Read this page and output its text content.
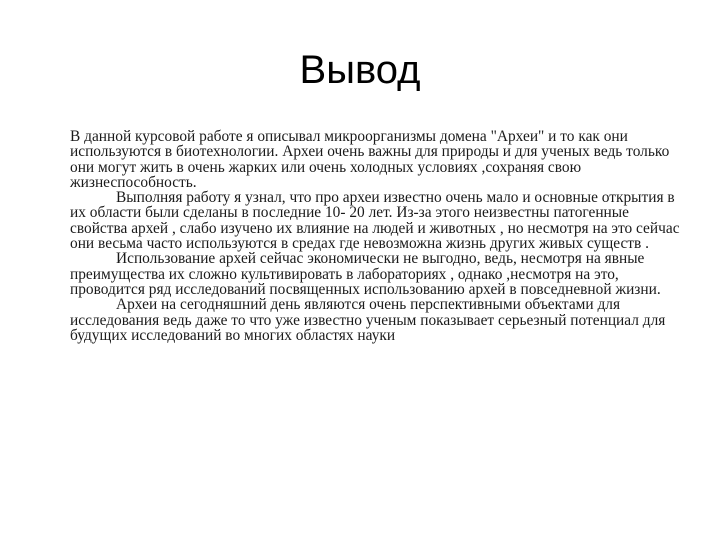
Вывод

В данной курсовой работе я описывал микроорганизмы домена "Археи" и то как они используются в биотехнологии. Археи очень важны для природы и для ученых ведь только они могут жить в очень жарких или очень холодных условиях ,сохраняя свою жизнеспособность.

Выполняя работу я узнал, что про археи известно очень мало и основные открытия в их области были сделаны в последние 10- 20 лет. Из-за этого неизвестны патогенные свойства архей , слабо изучено их влияние на людей и животных , но несмотря на это сейчас они весьма часто используются в средах где невозможна жизнь других живых существ .

Использование архей сейчас экономически не выгодно, ведь, несмотря на явные преимущества их сложно культивировать в лабораториях , однако ,несмотря на это, проводится ряд исследований посвященных использованию архей в повседневной жизни.

Археи на сегодняшний день являются очень перспективными объектами для исследования ведь даже то что уже известно ученым показывает серьезный потенциал для будущих исследований во многих областях науки
